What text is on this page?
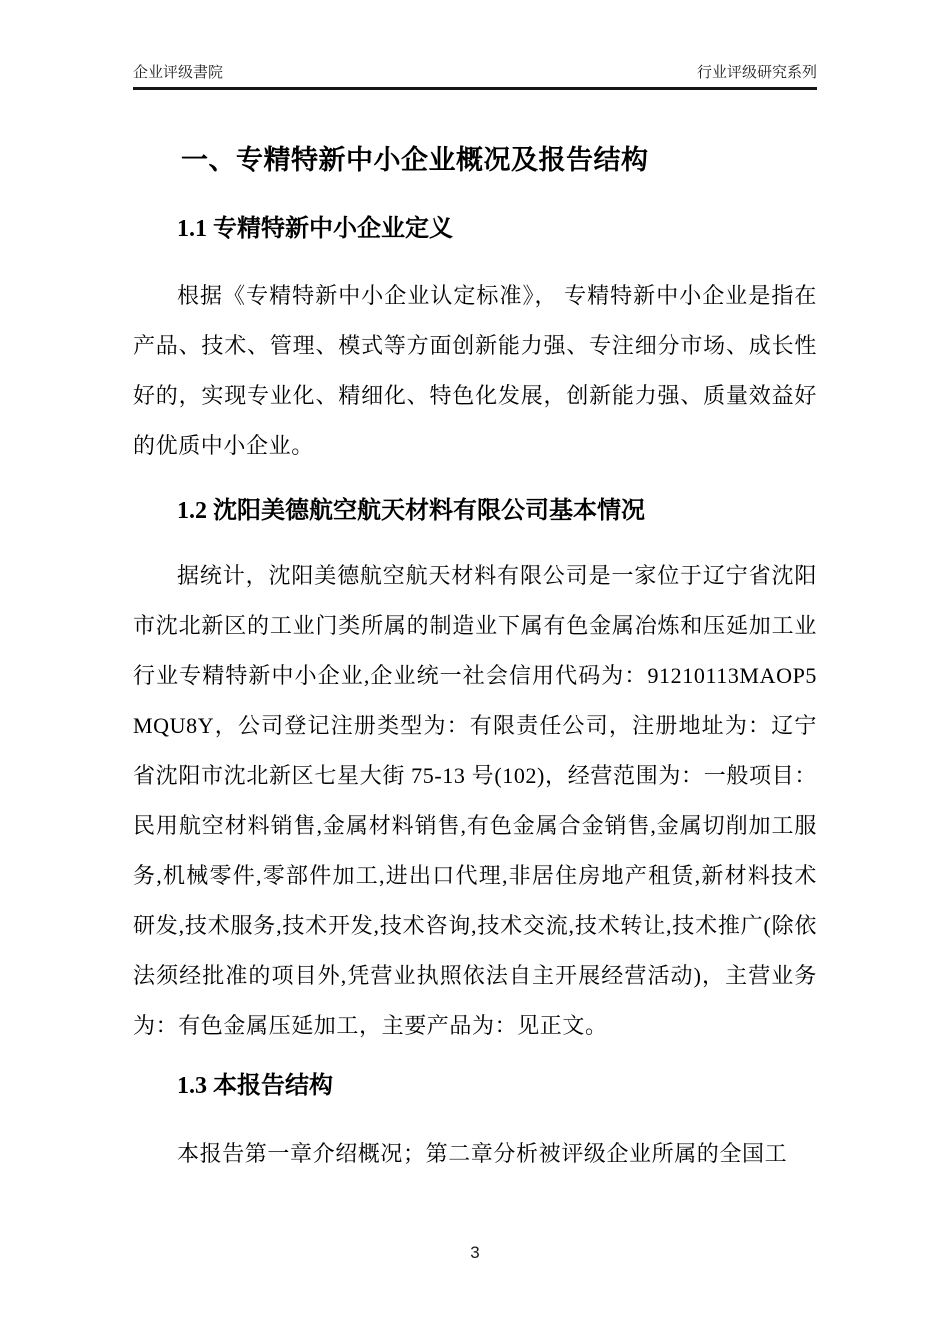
企业评级書院	行业评级研究系列
一、专精特新中小企业概况及报告结构
1.1 专精特新中小企业定义

根据《专精特新中小企业认定标准》， 专精特新中小企业是指在产品、技术、管理、模式等方面创新能力强、专注细分市场、成长性好的，实现专业化、精细化、特色化发展，创新能力强、质量效益好的优质中小企业。

1.2 沈阳美德航空航天材料有限公司基本情况

据统计，沈阳美德航空航天材料有限公司是一家位于辽宁省沈阳市沈北新区的工业门类所属的制造业下属有色金属冶炼和压延加工业行业专精特新中小企业,企业统一社会信用代码为：91210113MAOP5MQU8Y，公司登记注册类型为：有限责任公司，注册地址为：辽宁省沈阳市沈北新区七星大街 75-13 号(102)，经营范围为：一般项目：民用航空材料销售,金属材料销售,有色金属合金销售,金属切削加工服务,机械零件,零部件加工,进出口代理,非居住房地产租赁,新材料技术研发,技术服务,技术开发,技术咨询,技术交流,技术转让,技术推广(除依法须经批准的项目外,凭营业执照依法自主开展经营活动)，主营业务为：有色金属压延加工，主要产品为：见正文。

1.3 本报告结构

本报告第一章介绍概况；第二章分析被评级企业所属的全国工

3
